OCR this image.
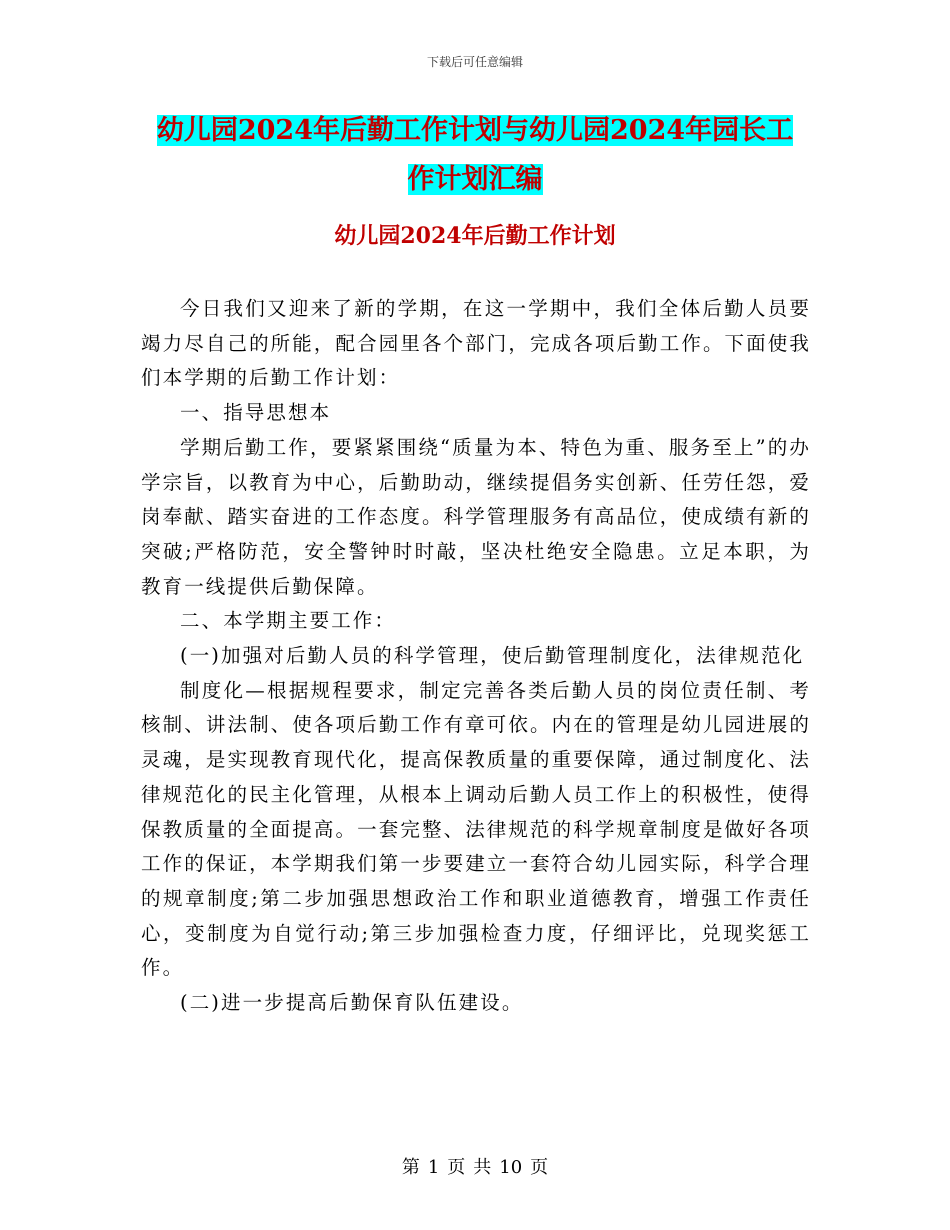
下载后可任意编辑
幼儿园2024年后勤工作计划与幼儿园2024年园长工
作计划汇编
幼儿园2024年后勤工作计划

今日我们又迎来了新的学期，在这一学期中，我们全体后勤人员要竭力尽自己的所能，配合园里各个部门，完成各项后勤工作。下面使我们本学期的后勤工作计划：

一、指导思想本

学期后勤工作，要紧紧围绕“质量为本、特色为重、服务至上”的办学宗旨，以教育为中心，后勤助动，继续提倡务实创新、任劳任怨，爱岗奉献、踏实奋进的工作态度。科学管理服务有高品位，使成绩有新的突破;严格防范，安全警钟时时敲，坚决杜绝安全隐患。立足本职，为教育一线提供后勤保障。

二、本学期主要工作：

(一)加强对后勤人员的科学管理，使后勤管理制度化，法律规范化

制度化—根据规程要求，制定完善各类后勤人员的岗位责任制、考核制、讲法制、使各项后勤工作有章可依。内在的管理是幼儿园进展的灵魂，是实现教育现代化，提高保教质量的重要保障，通过制度化、法律规范化的民主化管理，从根本上调动后勤人员工作上的积极性，使得保教质量的全面提高。一套完整、法律规范的科学规章制度是做好各项工作的保证，本学期我们第一步要建立一套符合幼儿园实际，科学合理的规章制度;第二步加强思想政治工作和职业道德教育，增强工作责任心，变制度为自觉行动;第三步加强检查力度，仔细评比，兑现奖惩工作。

(二)进一步提高后勤保育队伍建设。

第 1 页 共 10 页
